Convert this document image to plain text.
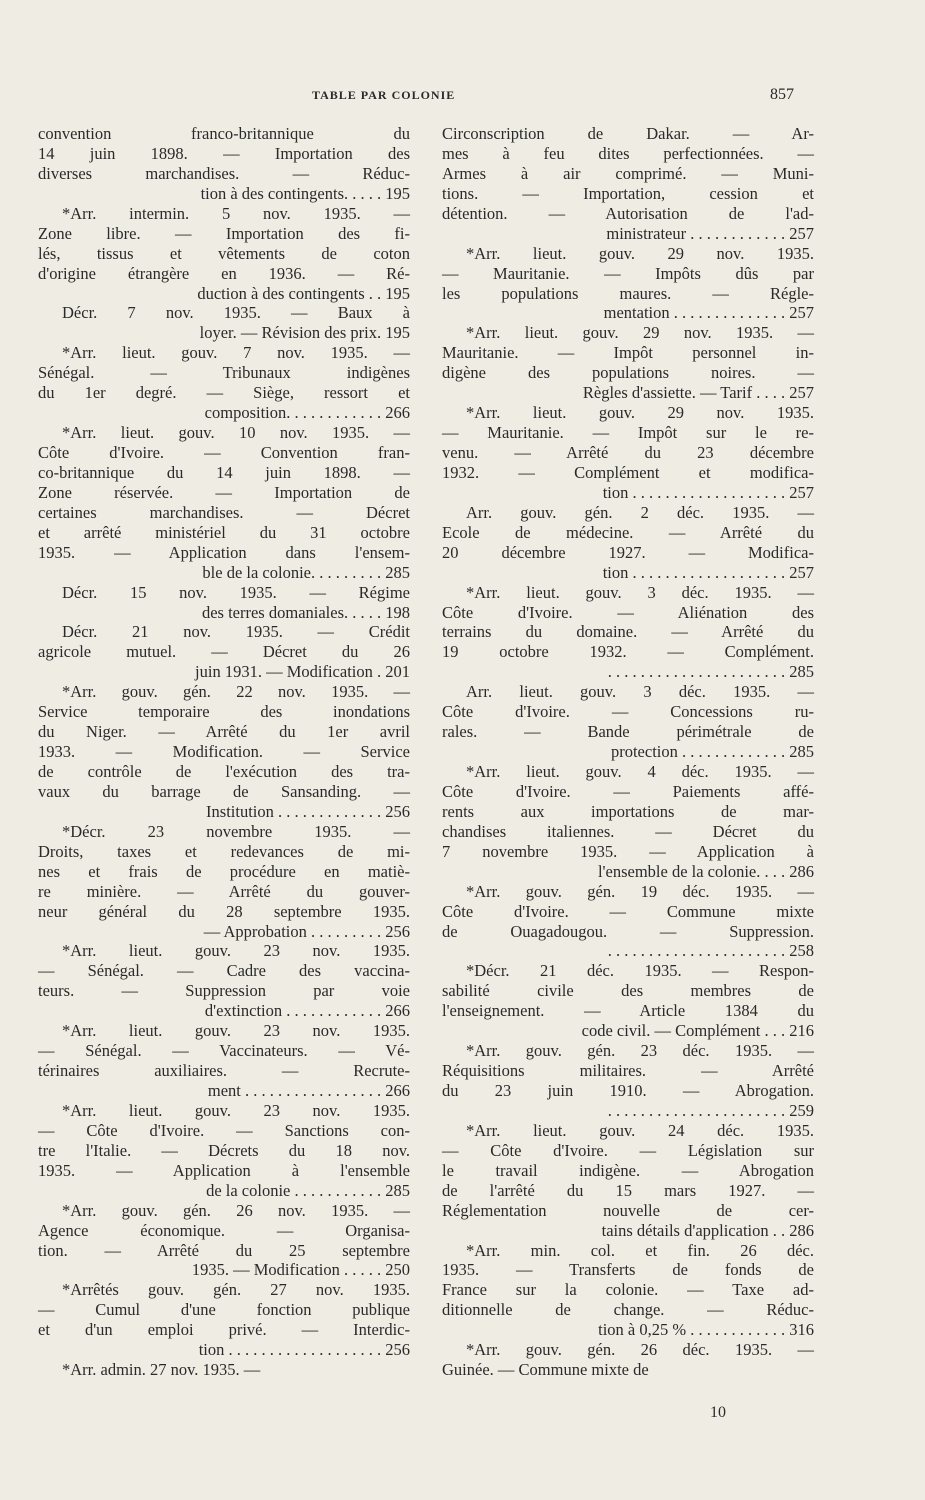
TABLE PAR COLONIE	857
convention franco-britannique du
14 juin 1898. — Importation des
diverses marchandises. — Réduc-
tion à des contingents. . . . . 195
*Arr. intermin. 5 nov. 1935. —
Zone libre. — Importation des fi-
lés, tissus et vêtements de coton
d'origine étrangère en 1936. — Ré-
duction à des contingents . . 195
Décr. 7 nov. 1935. — Baux à
loyer. — Révision des prix. 195
*Arr. lieut. gouv. 7 nov. 1935. —
Sénégal. — Tribunaux indigènes
du 1er degré. — Siège, ressort et
composition. . . . . . . . . . . . 266
*Arr. lieut. gouv. 10 nov. 1935. —
Côte d'Ivoire. — Convention fran-
co-britannique du 14 juin 1898. —
Zone réservée. — Importation de
certaines marchandises. — Décret
et arrêté ministériel du 31 octobre
1935. — Application dans l'ensem-
ble de la colonie. . . . . . . . . 285
Décr. 15 nov. 1935. — Régime
des terres domaniales. . . . . 198
Décr. 21 nov. 1935. — Crédit
agricole mutuel. — Décret du 26
juin 1931. — Modification . 201
*Arr. gouv. gén. 22 nov. 1935. —
Service temporaire des inondations
du Niger. — Arrêté du 1er avril
1933. — Modification. — Service
de contrôle de l'exécution des tra-
vaux du barrage de Sansanding. —
Institution . . . . . . . . . . . . . 256
*Décr. 23 novembre 1935. —
Droits, taxes et redevances de mi-
nes et frais de procédure en matiè-
re minière. — Arrêté du gouver-
neur général du 28 septembre 1935.
— Approbation . . . . . . . . . 256
*Arr. lieut. gouv. 23 nov. 1935.
— Sénégal. — Cadre des vaccina-
teurs. — Suppression par voie
d'extinction . . . . . . . . . . . . 266
*Arr. lieut. gouv. 23 nov. 1935.
— Sénégal. — Vaccinateurs. — Vé-
térinaires auxiliaires. — Recrute-
ment . . . . . . . . . . . . . . . . . 266
*Arr. lieut. gouv. 23 nov. 1935.
— Côte d'Ivoire. — Sanctions con-
tre l'Italie. — Décrets du 18 nov.
1935. — Application à l'ensemble
de la colonie . . . . . . . . . . . 285
*Arr. gouv. gén. 26 nov. 1935. —
Agence économique. — Organisa-
tion. — Arrêté du 25 septembre
1935. — Modification . . . . . 250
*Arrêtés gouv. gén. 27 nov. 1935.
— Cumul d'une fonction publique
et d'un emploi privé. — Interdic-
tion . . . . . . . . . . . . . . . . . . . 256
*Arr. admin. 27 nov. 1935. —
Circonscription de Dakar. — Ar-
mes à feu dites perfectionnées. —
Armes à air comprimé. — Muni-
tions. — Importation, cession et
détention. — Autorisation de l'ad-
ministrateur . . . . . . . . . . . . 257
*Arr. lieut. gouv. 29 nov. 1935.
— Mauritanie. — Impôts dûs par
les populations maures. — Régle-
mentation . . . . . . . . . . . . . . 257
*Arr. lieut. gouv. 29 nov. 1935. —
Mauritanie. — Impôt personnel in-
digène des populations noires. —
Règles d'assiette. — Tarif . . . . 257
*Arr. lieut. gouv. 29 nov. 1935.
— Mauritanie. — Impôt sur le re-
venu. — Arrêté du 23 décembre
1932. — Complément et modifica-
tion . . . . . . . . . . . . . . . . . . . 257
Arr. gouv. gén. 2 déc. 1935. —
Ecole de médecine. — Arrêté du
20 décembre 1927. — Modifica-
tion . . . . . . . . . . . . . . . . . . . 257
*Arr. lieut. gouv. 3 déc. 1935. —
Côte d'Ivoire. — Aliénation des
terrains du domaine. — Arrêté du
19 octobre 1932. — Complément.
. . . . . . . . . . . . . . . . . . . . . . 285
Arr. lieut. gouv. 3 déc. 1935. —
Côte d'Ivoire. — Concessions ru-
rales. — Bande périmétrale de
protection . . . . . . . . . . . . . 285
*Arr. lieut. gouv. 4 déc. 1935. —
Côte d'Ivoire. — Paiements affé-
rents aux importations de mar-
chandises italiennes. — Décret du
7 novembre 1935. — Application à
l'ensemble de la colonie. . . . 286
*Arr. gouv. gén. 19 déc. 1935. —
Côte d'Ivoire. — Commune mixte
de Ouagadougou. — Suppression.
. . . . . . . . . . . . . . . . . . . . . . 258
*Décr. 21 déc. 1935. — Respon-
sabilité civile des membres de
l'enseignement. — Article 1384 du
code civil. — Complément . . . 216
*Arr. gouv. gén. 23 déc. 1935. —
Réquisitions militaires. — Arrêté
du 23 juin 1910. — Abrogation.
. . . . . . . . . . . . . . . . . . . . . . 259
*Arr. lieut. gouv. 24 déc. 1935.
— Côte d'Ivoire. — Législation sur
le travail indigène. — Abrogation
de l'arrêté du 15 mars 1927. —
Réglementation nouvelle de cer-
tains détails d'application . . 286
*Arr. min. col. et fin. 26 déc.
1935. — Transferts de fonds de
France sur la colonie. — Taxe ad-
ditionnelle de change. — Réduc-
tion à 0,25 % . . . . . . . . . . . . 316
*Arr. gouv. gén. 26 déc. 1935. —
Guinée. — Commune mixte de
10
